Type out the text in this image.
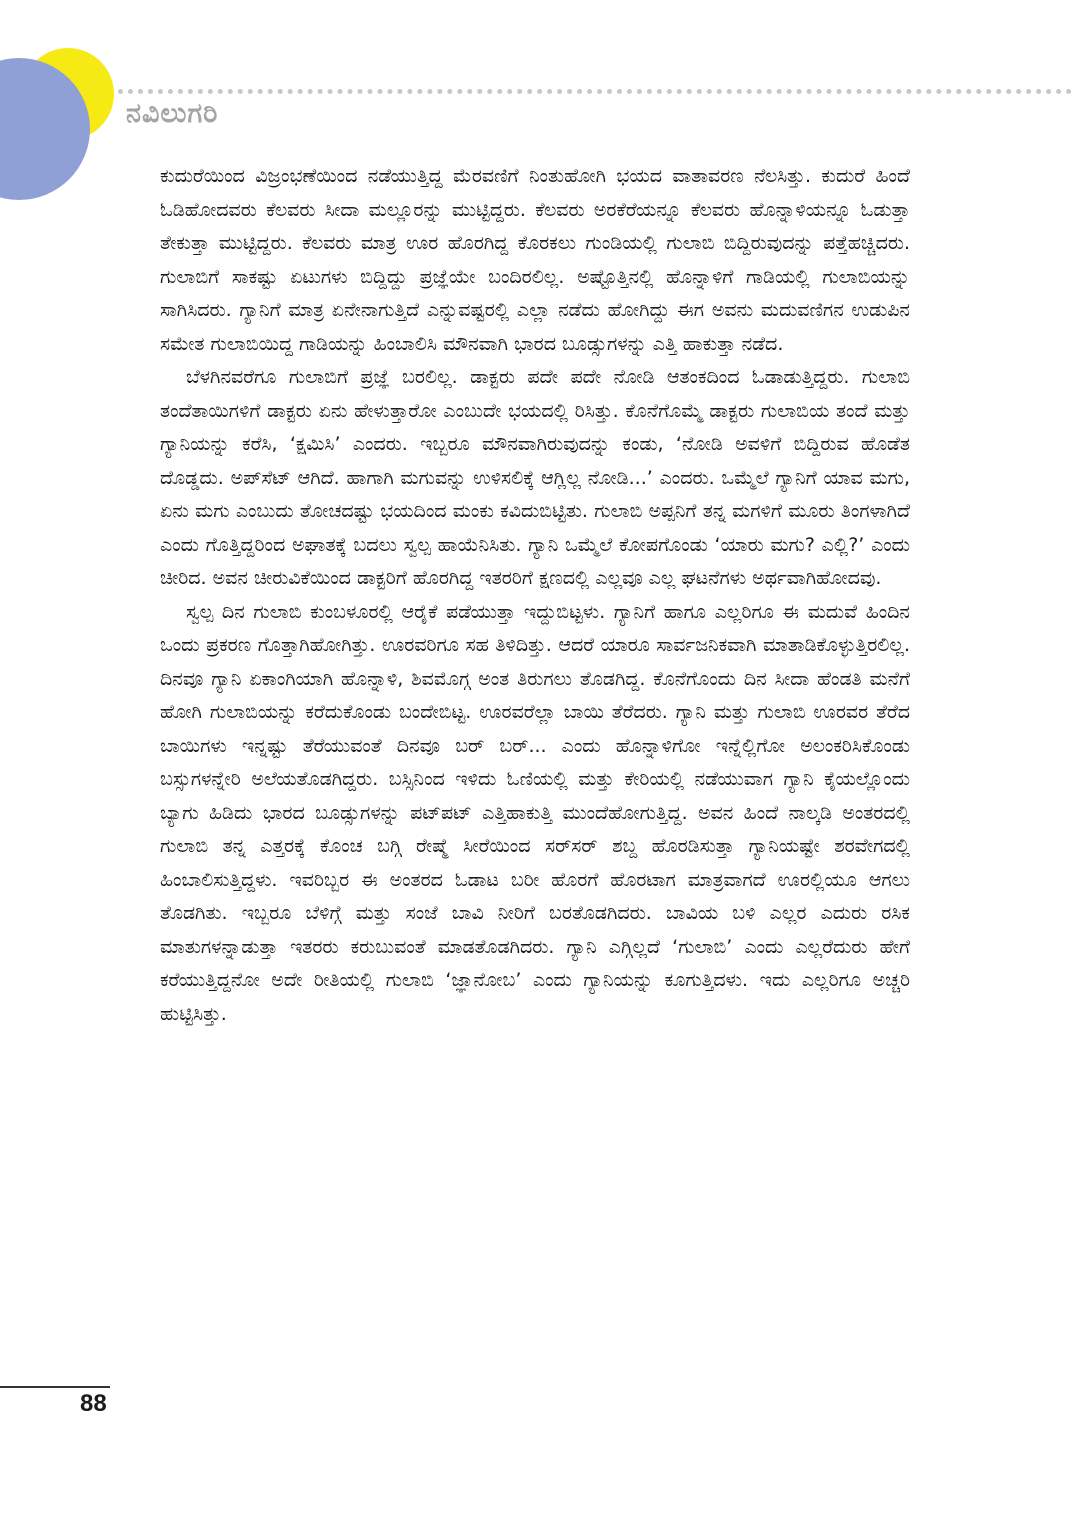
ನವಿಲುಗರಿ

ಕುದುರೆಯಿಂದ ವಿಜ್ರಂಭಣೆಯಿಂದ ನಡೆಯುತ್ತಿದ್ದ ಮೆರವಣಿಗೆ ನಿಂತುಹೋಗಿ ಭಯದ ವಾತಾವರಣ ನೆಲಸಿತ್ತು. ಕುದುರೆ ಹಿಂದೆ ಓಡಿಹೋದವರು ಕೆಲವರು ಸೀದಾ ಮಲ್ಲೂರನ್ನು ಮುಟ್ಟಿದ್ದರು. ಕೆಲವರು ಅರಕೆರೆಯನ್ನೂ ಕೆಲವರು ಹೊನ್ನಾಳಿಯನ್ನೂ ಓಡುತ್ತಾ ತೇಕುತ್ತಾ ಮುಟ್ಟಿದ್ದರು. ಕೆಲವರು ಮಾತ್ರ ಊರ ಹೊರಗಿದ್ದ ಕೊರಕಲು ಗುಂಡಿಯಲ್ಲಿ ಗುಲಾಬಿ ಬಿದ್ದಿರುವುದನ್ನು ಪತ್ತೆಹಚ್ಚಿದರು. ಗುಲಾಬಿಗೆ ಸಾಕಷ್ಟು ಏಟುಗಳು ಬಿದ್ದಿದ್ದು ಪ್ರಜ್ಞೆಯೇ ಬಂದಿರಲಿಲ್ಲ. ಅಷ್ಟೊತ್ತಿನಲ್ಲಿ ಹೊನ್ನಾಳಿಗೆ ಗಾಡಿಯಲ್ಲಿ ಗುಲಾಬಿಯನ್ನು ಸಾಗಿಸಿದರು. ಗ್ಯಾನಿಗೆ ಮಾತ್ರ ಏನೇನಾಗುತ್ತಿದೆ ಎನ್ನುವಷ್ಟರಲ್ಲಿ ಎಲ್ಲಾ ನಡೆದು ಹೋಗಿದ್ದು ಈಗ ಅವನು ಮದುವಣಿಗನ ಉಡುಪಿನ ಸಮೇತ ಗುಲಾಬಿಯಿದ್ದ ಗಾಡಿಯನ್ನು ಹಿಂಬಾಲಿಸಿ ಮೌನವಾಗಿ ಭಾರದ ಬೂಡ್ಸುಗಳನ್ನು ಎತ್ತಿ ಹಾಕುತ್ತಾ ನಡೆದ.

ಬೆಳಗಿನವರೆಗೂ ಗುಲಾಬಿಗೆ ಪ್ರಜ್ಞೆ ಬರಲಿಲ್ಲ. ಡಾಕ್ಟರು ಪದೇ ಪದೇ ನೋಡಿ ಆತಂಕದಿಂದ ಓಡಾಡುತ್ತಿದ್ದರು. ಗುಲಾಬಿ ತಂದೆತಾಯಿಗಳಿಗೆ ಡಾಕ್ಟರು ಏನು ಹೇಳುತ್ತಾರೋ ಎಂಬುದೇ ಭಯದಲ್ಲಿ ರಿಸಿತ್ತು. ಕೊನೆಗೊಮ್ಮೆ ಡಾಕ್ಟರು ಗುಲಾಬಿಯ ತಂದೆ ಮತ್ತು ಗ್ಯಾನಿಯನ್ನು ಕರೆಸಿ, ‘ಕ್ಷಮಿಸಿ’ ಎಂದರು. ಇಬ್ಬರೂ ಮೌನವಾಗಿರುವುದನ್ನು ಕಂಡು, ‘ನೋಡಿ ಅವಳಿಗೆ ಬಿದ್ದಿರುವ ಹೊಡೆತ ದೊಡ್ಡದು. ಅಪ್‌ಸೆಟ್ ಆಗಿದೆ. ಹಾಗಾಗಿ ಮಗುವನ್ನು ಉಳಿಸಲಿಕ್ಕೆ ಆಗ್ಲಿಲ್ಲ ನೋಡಿ...’ ಎಂದರು. ಒಮ್ಮೆಲೆ ಗ್ಯಾನಿಗೆ ಯಾವ ಮಗು, ಏನು ಮಗು ಎಂಬುದು ತೋಚದಷ್ಟು ಭಯದಿಂದ ಮಂಕು ಕವಿದುಬಿಟ್ಟಿತು. ಗುಲಾಬಿ ಅಪ್ಪನಿಗೆ ತನ್ನ ಮಗಳಿಗೆ ಮೂರು ತಿಂಗಳಾಗಿದೆ ಎಂದು ಗೊತ್ತಿದ್ದರಿಂದ ಅಘಾತಕ್ಕೆ ಬದಲು ಸ್ವಲ್ಪ ಹಾಯೆನಿಸಿತು. ಗ್ಯಾನಿ ಒಮ್ಮೆಲೆ ಕೋಪಗೊಂಡು ‘ಯಾರು ಮಗು? ಎಲ್ಲಿ?’ ಎಂದು ಚೀರಿದ. ಅವನ ಚೀರುವಿಕೆಯಿಂದ ಡಾಕ್ಟರಿಗೆ ಹೊರಗಿದ್ದ ಇತರರಿಗೆ ಕ್ಷಣದಲ್ಲಿ ಎಲ್ಲವೂ ಎಲ್ಲ ಘಟನೆಗಳು ಅರ್ಥವಾಗಿಹೋದವು.

ಸ್ವಲ್ಪ ದಿನ ಗುಲಾಬಿ ಕುಂಬಳೂರಲ್ಲಿ ಆರೈಕೆ ಪಡೆಯುತ್ತಾ ಇದ್ದುಬಿಟ್ಟಳು. ಗ್ಯಾನಿಗೆ ಹಾಗೂ ಎಲ್ಲರಿಗೂ ಈ ಮದುವೆ ಹಿಂದಿನ ಒಂದು ಪ್ರಕರಣ ಗೊತ್ತಾಗಿಹೋಗಿತ್ತು. ಊರವರಿಗೂ ಸಹ ತಿಳಿದಿತ್ತು. ಆದರೆ ಯಾರೂ ಸಾರ್ವಜನಿಕವಾಗಿ ಮಾತಾಡಿಕೊಳ್ಳುತ್ತಿರಲಿಲ್ಲ. ದಿನವೂ ಗ್ಯಾನಿ ಏಕಾಂಗಿಯಾಗಿ ಹೊನ್ನಾಳಿ, ಶಿವಮೊಗ್ಗ ಅಂತ ತಿರುಗಲು ತೊಡಗಿದ್ದ. ಕೊನೆಗೊಂದು ದಿನ ಸೀದಾ ಹೆಂಡತಿ ಮನೆಗೆ ಹೋಗಿ ಗುಲಾಬಿಯನ್ನು ಕರೆದುಕೊಂಡು ಬಂದೇಬಿಟ್ಟ. ಊರವರೆಲ್ಲಾ ಬಾಯಿ ತೆರೆದರು. ಗ್ಯಾನಿ ಮತ್ತು ಗುಲಾಬಿ ಊರವರ ತೆರೆದ ಬಾಯಿಗಳು ಇನ್ನಷ್ಟು ತೆರೆಯುವಂತೆ ದಿನವೂ ಬರ್ ಬರ್... ಎಂದು ಹೊನ್ನಾಳಿಗೋ ಇನ್ನೆಲ್ಲಿಗೋ ಅಲಂಕರಿಸಿಕೊಂಡು ಬಸ್ಸುಗಳನ್ನೇರಿ ಅಲೆಯತೊಡಗಿದ್ದರು. ಬಸ್ಸಿನಿಂದ ಇಳಿದು ಓಣಿಯಲ್ಲಿ ಮತ್ತು ಕೇರಿಯಲ್ಲಿ ನಡೆಯುವಾಗ ಗ್ಯಾನಿ ಕೈಯಲ್ಲೊಂದು ಬ್ಯಾಗು ಹಿಡಿದು ಭಾರದ ಬೂಡ್ಸುಗಳನ್ನು ಪಟ್‌ಪಟ್ ಎತ್ತಿಹಾಕುತ್ತಿ ಮುಂದೆಹೋಗುತ್ತಿದ್ದ. ಅವನ ಹಿಂದೆ ನಾಲ್ಕಡಿ ಅಂತರದಲ್ಲಿ ಗುಲಾಬಿ ತನ್ನ ಎತ್ತರಕ್ಕೆ ಕೊಂಚ ಬಗ್ಗಿ ರೇಷ್ಮೆ ಸೀರೆಯಿಂದ ಸರ್‌ಸರ್ ಶಬ್ದ ಹೊರಡಿಸುತ್ತಾ ಗ್ಯಾನಿಯಷ್ಟೇ ಶರವೇಗದಲ್ಲಿ ಹಿಂಬಾಲಿಸುತ್ತಿದ್ದಳು. ಇವರಿಬ್ಬರ ಈ ಅಂತರದ ಓಡಾಟ ಬರೀ ಹೊರಗೆ ಹೊರಟಾಗ ಮಾತ್ರವಾಗದೆ ಊರಲ್ಲಿಯೂ ಆಗಲು ತೊಡಗಿತು. ಇಬ್ಬರೂ ಬೆಳಿಗ್ಗೆ ಮತ್ತು ಸಂಜೆ ಬಾವಿ ನೀರಿಗೆ ಬರತೊಡಗಿದರು. ಬಾವಿಯ ಬಳಿ ಎಲ್ಲರ ಎದುರು ರಸಿಕ ಮಾತುಗಳನ್ನಾಡುತ್ತಾ ಇತರರು ಕರುಬುವಂತೆ ಮಾಡತೊಡಗಿದರು. ಗ್ಯಾನಿ ಎಗ್ಗಿಲ್ಲದೆ ‘ಗುಲಾಬಿ’ ಎಂದು ಎಲ್ಲರೆದುರು ಹೇಗೆ ಕರೆಯುತ್ತಿದ್ದನೋ ಅದೇ ರೀತಿಯಲ್ಲಿ ಗುಲಾಬಿ ‘ಜ್ಞಾನೋಬ’ ಎಂದು ಗ್ಯಾನಿಯನ್ನು ಕೂಗುತ್ತಿದಳು. ಇದು ಎಲ್ಲರಿಗೂ ಅಚ್ಚರಿ ಹುಟ್ಟಿಸಿತ್ತು.

88
